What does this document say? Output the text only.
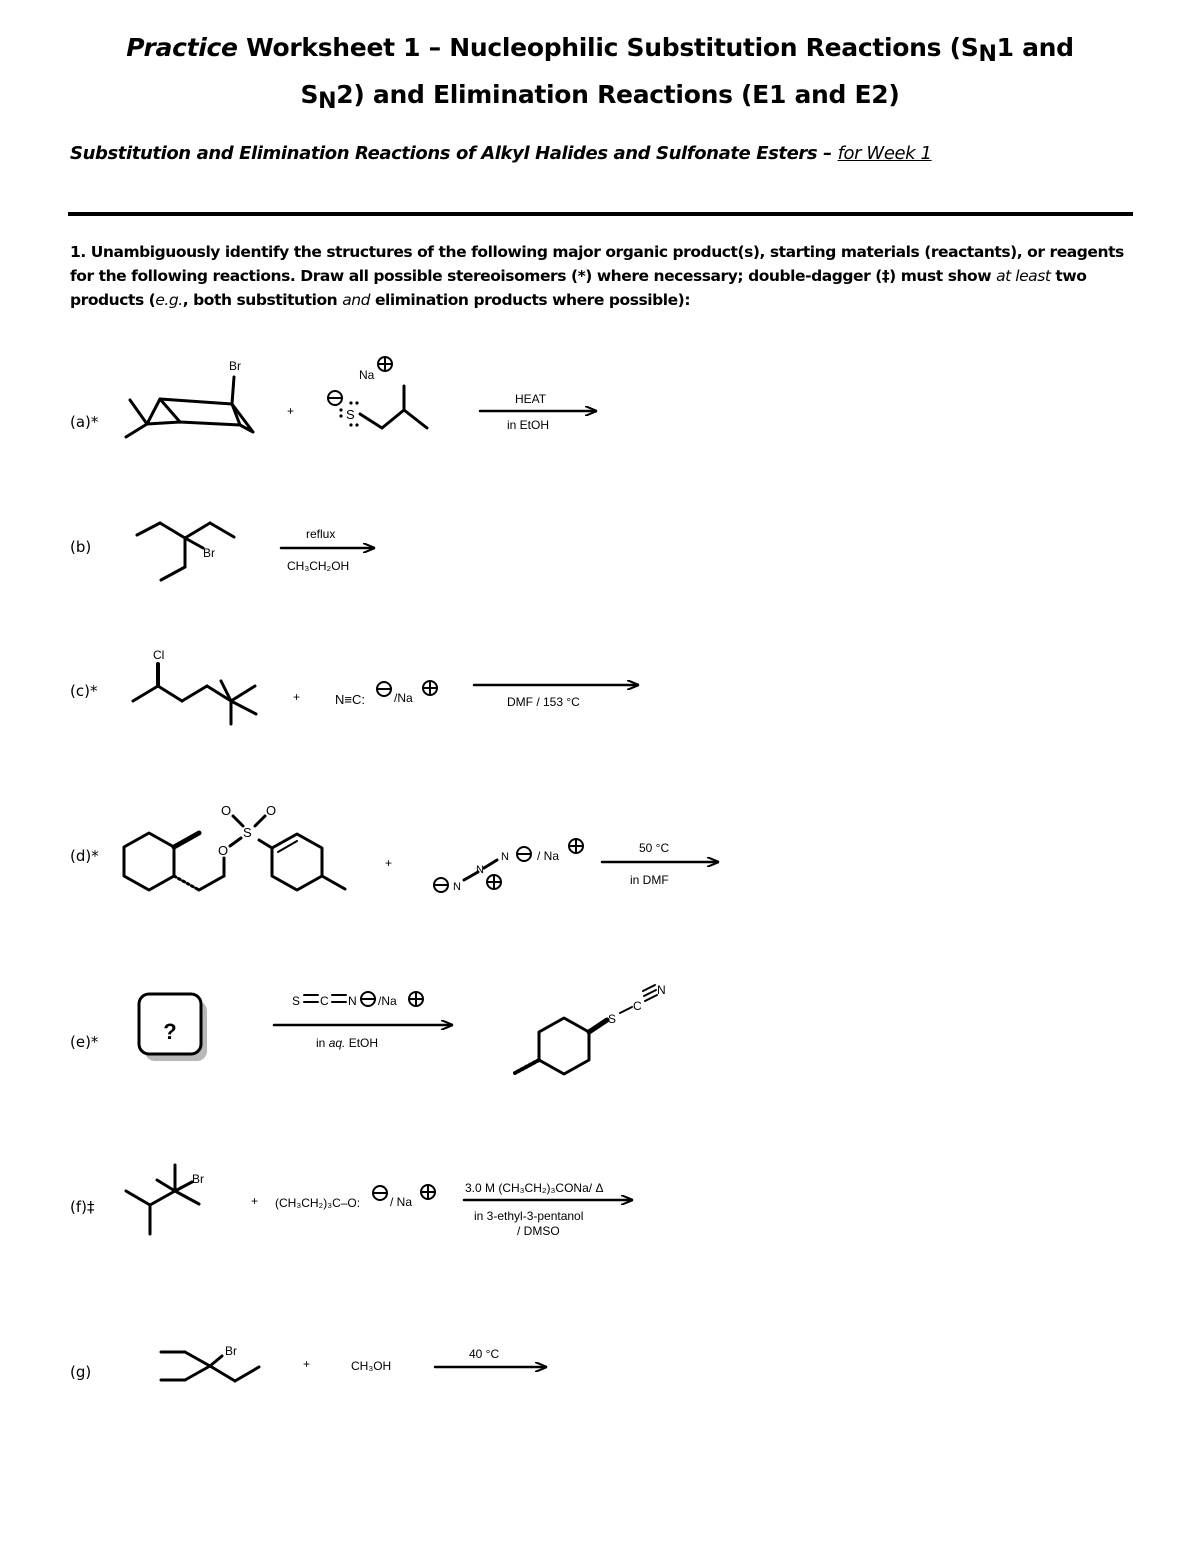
Practice Worksheet 1 – Nucleophilic Substitution Reactions ($S_N1$ and
$S_N2$) and Elimination Reactions (E1 and E2)
Substitution and Elimination Reactions of Alkyl Halides and Sulfonate Esters – for Week 1
1. Unambiguously identify the structures of the following major organic product(s), starting materials (reactants), or reagents for the following reactions. Draw all possible stereoisomers (*) where necessary; double-dagger (‡) must show at least two products (e.g., both substitution and elimination products where possible):
(a)*
(b)
(c)*
(d)*
(e)*
(f)‡
(g)
Br
+
Na
S
HEAT
in EtOH
Br
reflux
CH₃CH₂OH
Cl
+	N≡C: /Na	DMF / 153 °C
O	O
S
O
+
N
N
N / Na
50 °C
in DMF
?
S C N /Na
in aq. EtOH
S
C
N
Br
+ (CH₃CH₂)₃C–O: / Na
3.0 M (CH₃CH₂)₃CONa/ Δ
in 3-ethyl-3-pentanol
/ DMSO
Br
+	CH₃OH
40 °C
